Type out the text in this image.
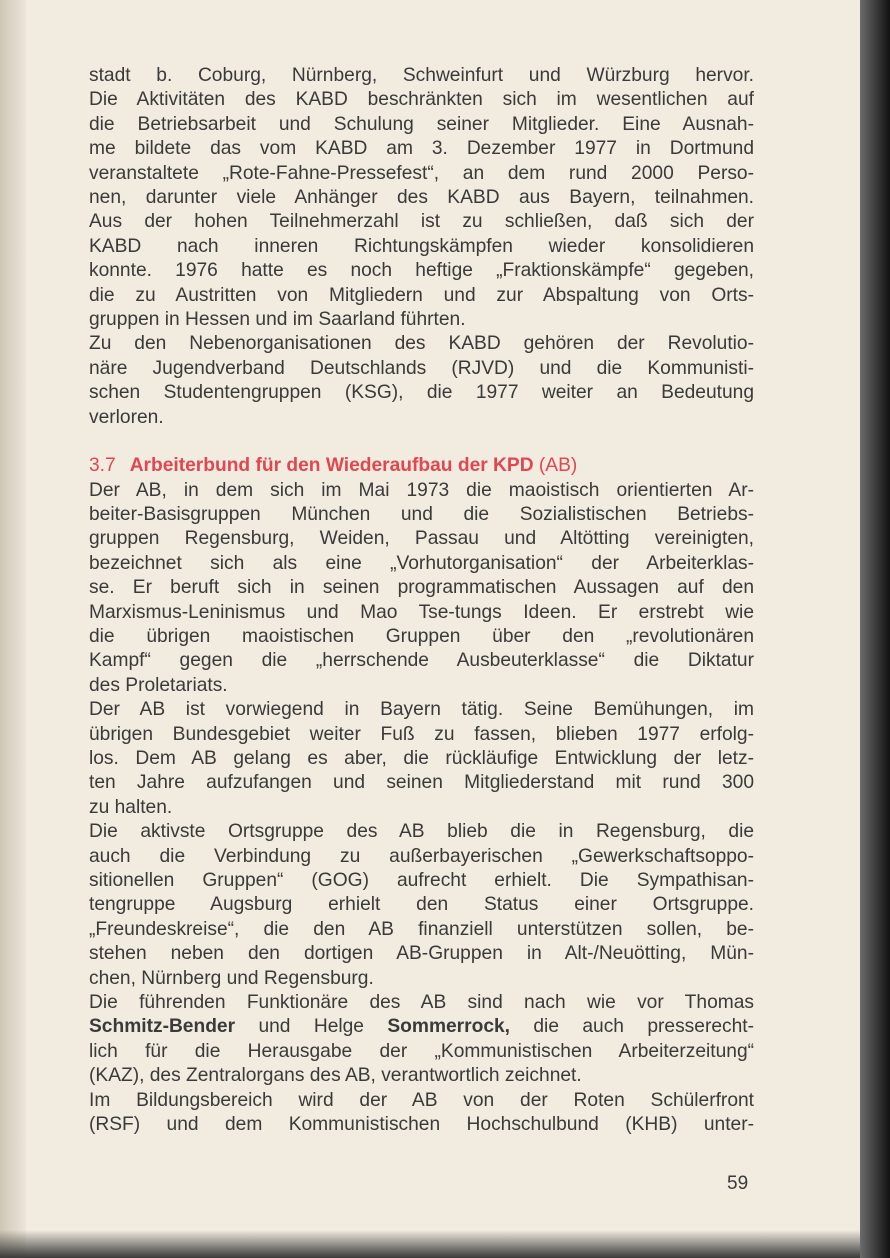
stadt b. Coburg, Nürnberg, Schweinfurt und Würzburg hervor.
Die Aktivitäten des KABD beschränkten sich im wesentlichen auf
die Betriebsarbeit und Schulung seiner Mitglieder. Eine Ausnah-
me bildete das vom KABD am 3. Dezember 1977 in Dortmund
veranstaltete „Rote-Fahne-Pressefest“, an dem rund 2000 Perso-
nen, darunter viele Anhänger des KABD aus Bayern, teilnahmen.
Aus der hohen Teilnehmerzahl ist zu schließen, daß sich der
KABD nach inneren Richtungskämpfen wieder konsolidieren
konnte. 1976 hatte es noch heftige „Fraktionskämpfe“ gegeben,
die zu Austritten von Mitgliedern und zur Abspaltung von Orts-
gruppen in Hessen und im Saarland führten.

Zu den Nebenorganisationen des KABD gehören der Revolutio-
näre Jugendverband Deutschlands (RJVD) und die Kommunisti-
schen Studentengruppen (KSG), die 1977 weiter an Bedeutung
verloren.

3.7 Arbeiterbund für den Wiederaufbau der KPD (AB)

Der AB, in dem sich im Mai 1973 die maoistisch orientierten Ar-
beiter-Basisgruppen München und die Sozialistischen Betriebs-
gruppen Regensburg, Weiden, Passau und Altötting vereinigten,
bezeichnet sich als eine „Vorhutorganisation“ der Arbeiterklas-
se. Er beruft sich in seinen programmatischen Aussagen auf den
Marxismus-Leninismus und Mao Tse-tungs Ideen. Er erstrebt wie
die übrigen maoistischen Gruppen über den „revolutionären
Kampf“ gegen die „herrschende Ausbeuterklasse“ die Diktatur
des Proletariats.

Der AB ist vorwiegend in Bayern tätig. Seine Bemühungen, im
übrigen Bundesgebiet weiter Fuß zu fassen, blieben 1977 erfolg-
los. Dem AB gelang es aber, die rückläufige Entwicklung der letz-
ten Jahre aufzufangen und seinen Mitgliederstand mit rund 300
zu halten.

Die aktivste Ortsgruppe des AB blieb die in Regensburg, die
auch die Verbindung zu außerbayerischen „Gewerkschaftsoppo-
sitionellen Gruppen“ (GOG) aufrecht erhielt. Die Sympathisan-
tengruppe Augsburg erhielt den Status einer Ortsgruppe.
„Freundeskreise“, die den AB finanziell unterstützen sollen, be-
stehen neben den dortigen AB-Gruppen in Alt-/Neuötting, Mün-
chen, Nürnberg und Regensburg.

Die führenden Funktionäre des AB sind nach wie vor Thomas
Schmitz-Bender und Helge Sommerrock, die auch presserecht-
lich für die Herausgabe der „Kommunistischen Arbeiterzeitung“
(KAZ), des Zentralorgans des AB, verantwortlich zeichnet.

Im Bildungsbereich wird der AB von der Roten Schülerfront
(RSF) und dem Kommunistischen Hochschulbund (KHB) unter-

59
